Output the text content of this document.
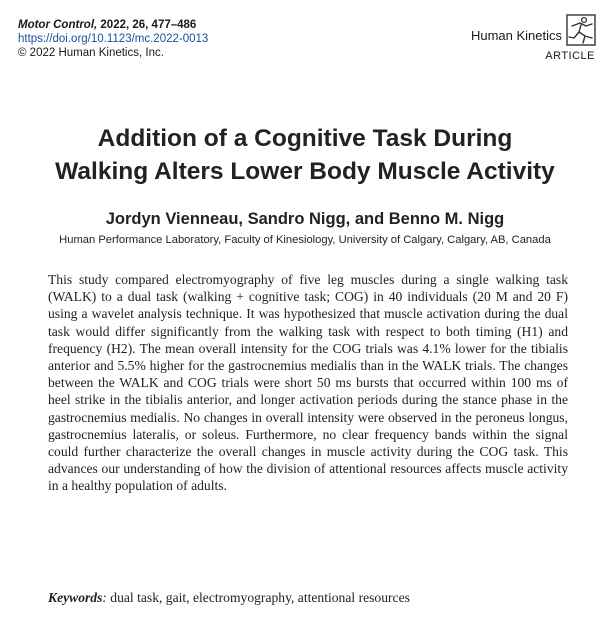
Motor Control, 2022, 26, 477–486
https://doi.org/10.1123/mc.2022-0013
© 2022 Human Kinetics, Inc.
Human Kinetics
ARTICLE
Addition of a Cognitive Task During
Walking Alters Lower Body Muscle Activity
Jordyn Vienneau, Sandro Nigg, and Benno M. Nigg
Human Performance Laboratory, Faculty of Kinesiology, University of Calgary, Calgary, AB, Canada

This study compared electromyography of five leg muscles during a single walking task (WALK) to a dual task (walking + cognitive task; COG) in 40 individuals (20 M and 20 F) using a wavelet analysis technique. It was hypothesized that muscle activation during the dual task would differ significantly from the walking task with respect to both timing (H1) and frequency (H2). The mean overall intensity for the COG trials was 4.1% lower for the tibialis anterior and 5.5% higher for the gastrocnemius medialis than in the WALK trials. The changes between the WALK and COG trials were short 50 ms bursts that occurred within 100 ms of heel strike in the tibialis anterior, and longer activation periods during the stance phase in the gastrocnemius medialis. No changes in overall intensity were observed in the peroneus longus, gastrocnemius lateralis, or soleus. Furthermore, no clear frequency bands within the signal could further characterize the overall changes in muscle activity during the COG task. This advances our understanding of how the division of attentional resources affects muscle activity in a healthy population of adults.

Keywords: dual task, gait, electromyography, attentional resources
